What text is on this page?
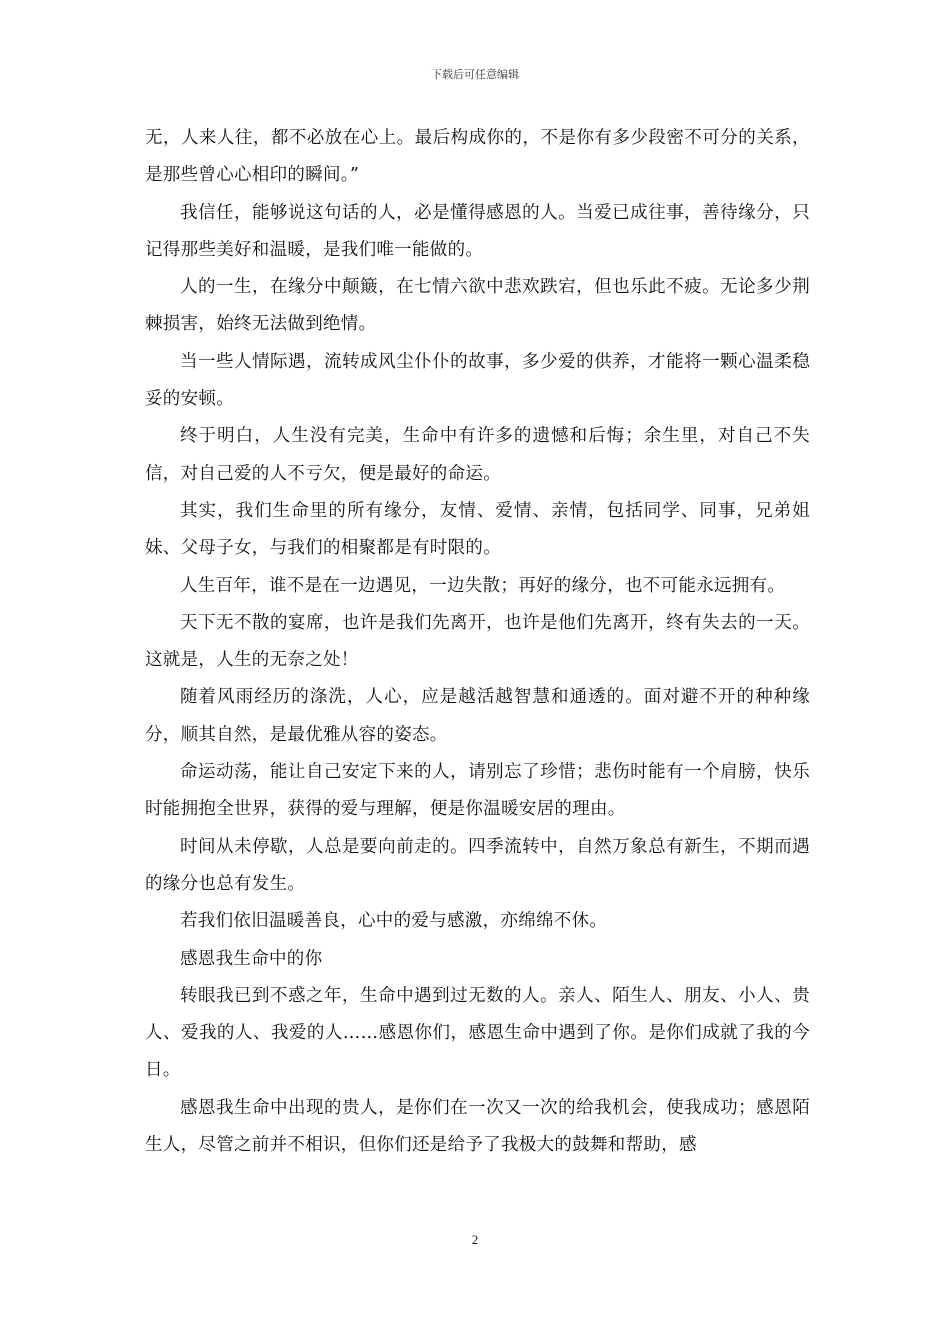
下载后可任意编辑

无，人来人往，都不必放在心上。最后构成你的，不是你有多少段密不可分的关系，是那些曾心心相印的瞬间。”

我信任，能够说这句话的人，必是懂得感恩的人。当爱已成往事，善待缘分，只记得那些美好和温暖，是我们唯一能做的。

人的一生，在缘分中颠簸，在七情六欲中悲欢跌宕，但也乐此不疲。无论多少荆棘损害，始终无法做到绝情。

当一些人情际遇，流转成风尘仆仆的故事，多少爱的供养，才能将一颗心温柔稳妥的安顿。

终于明白，人生没有完美，生命中有许多的遗憾和后悔；余生里，对自己不失信，对自己爱的人不亏欠，便是最好的命运。

其实，我们生命里的所有缘分，友情、爱情、亲情，包括同学、同事，兄弟姐妹、父母子女，与我们的相聚都是有时限的。

人生百年，谁不是在一边遇见，一边失散；再好的缘分，也不可能永远拥有。

天下无不散的宴席，也许是我们先离开，也许是他们先离开，终有失去的一天。这就是，人生的无奈之处！

随着风雨经历的涤洗，人心，应是越活越智慧和通透的。面对避不开的种种缘分，顺其自然，是最优雅从容的姿态。

命运动荡，能让自己安定下来的人，请别忘了珍惜；悲伤时能有一个肩膀，快乐时能拥抱全世界，获得的爱与理解，便是你温暖安居的理由。

时间从未停歇，人总是要向前走的。四季流转中，自然万象总有新生，不期而遇的缘分也总有发生。

若我们依旧温暖善良，心中的爱与感激，亦绵绵不休。

感恩我生命中的你

转眼我已到不惑之年，生命中遇到过无数的人。亲人、陌生人、朋友、小人、贵人、爱我的人、我爱的人……感恩你们，感恩生命中遇到了你。是你们成就了我的今日。

感恩我生命中出现的贵人，是你们在一次又一次的给我机会，使我成功；感恩陌生人，尽管之前并不相识，但你们还是给予了我极大的鼓舞和帮助，感

2
